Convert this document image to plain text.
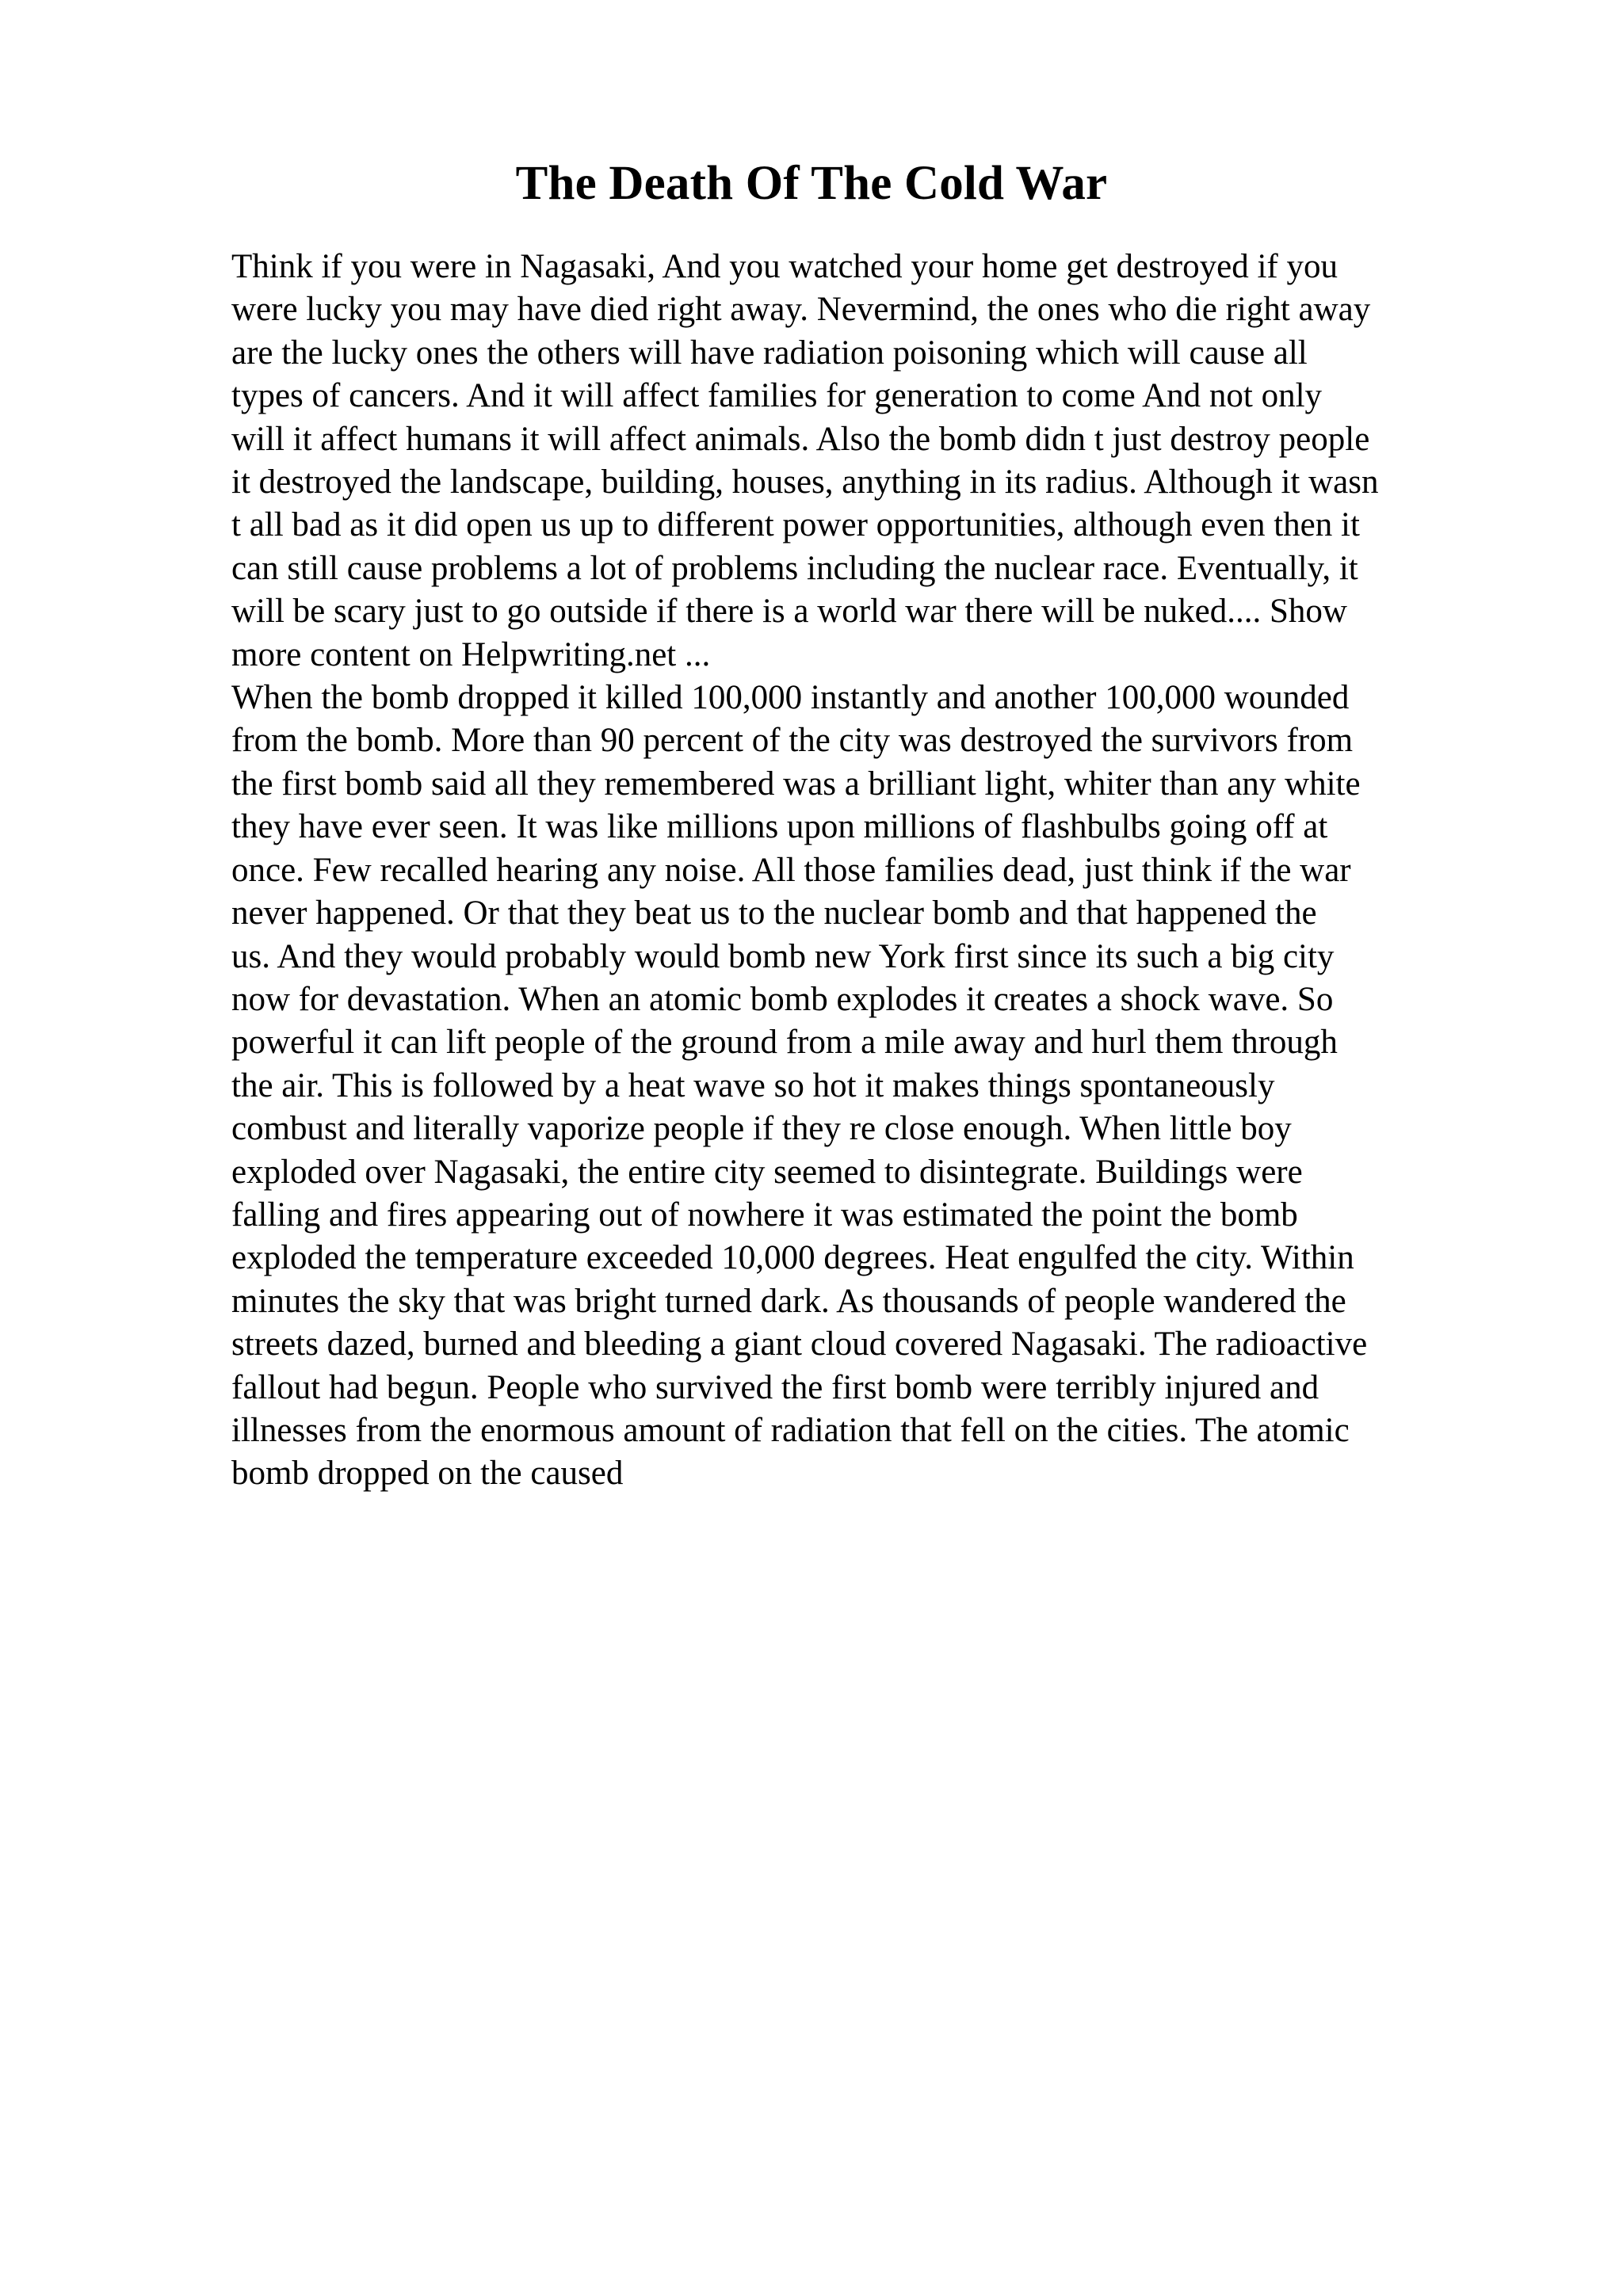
The Death Of The Cold War
Think if you were in Nagasaki, And you watched your home get destroyed if you
were lucky you may have died right away. Nevermind, the ones who die right away
are the lucky ones the others will have radiation poisoning which will cause all
types of cancers. And it will affect families for generation to come And not only
will it affect humans it will affect animals. Also the bomb didn t just destroy people
it destroyed the landscape, building, houses, anything in its radius. Although it wasn
t all bad as it did open us up to different power opportunities, although even then it
can still cause problems a lot of problems including the nuclear race. Eventually, it
will be scary just to go outside if there is a world war there will be nuked.... Show
more content on Helpwriting.net ...
When the bomb dropped it killed 100,000 instantly and another 100,000 wounded
from the bomb. More than 90 percent of the city was destroyed the survivors from
the first bomb said all they remembered was a brilliant light, whiter than any white
they have ever seen. It was like millions upon millions of flashbulbs going off at
once. Few recalled hearing any noise. All those families dead, just think if the war
never happened. Or that they beat us to the nuclear bomb and that happened the
us. And they would probably would bomb new York first since its such a big city
now for devastation. When an atomic bomb explodes it creates a shock wave. So
powerful it can lift people of the ground from a mile away and hurl them through
the air. This is followed by a heat wave so hot it makes things spontaneously
combust and literally vaporize people if they re close enough. When little boy
exploded over Nagasaki, the entire city seemed to disintegrate. Buildings were
falling and fires appearing out of nowhere it was estimated the point the bomb
exploded the temperature exceeded 10,000 degrees. Heat engulfed the city. Within
minutes the sky that was bright turned dark. As thousands of people wandered the
streets dazed, burned and bleeding a giant cloud covered Nagasaki. The radioactive
fallout had begun. People who survived the first bomb were terribly injured and
illnesses from the enormous amount of radiation that fell on the cities. The atomic
bomb dropped on the caused
